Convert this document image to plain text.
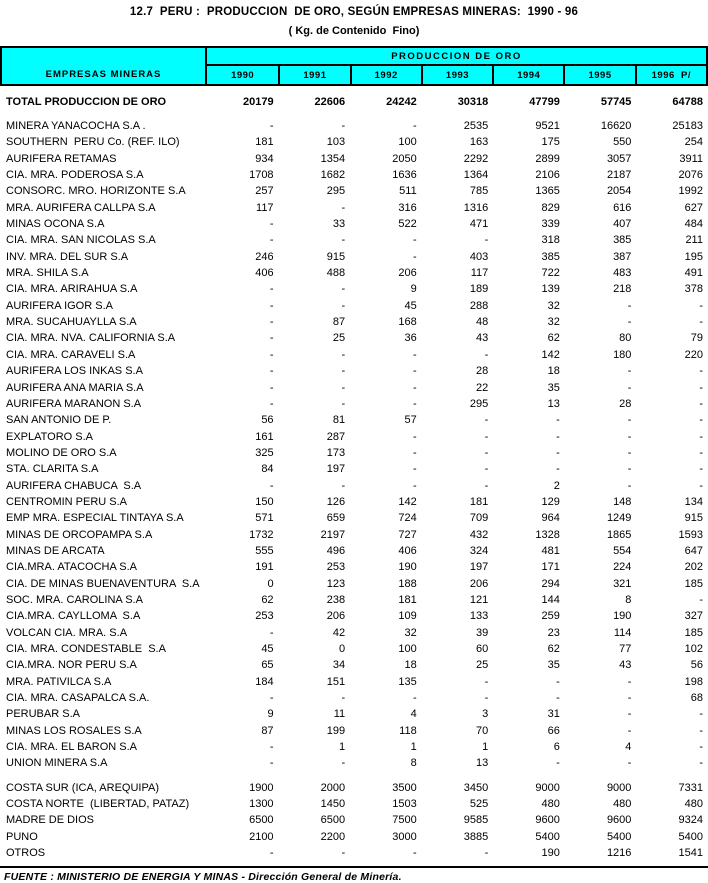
12.7  PERU :  PRODUCCION  DE ORO, SEGÚN EMPRESAS MINERAS:  1990 - 96
( Kg. de Contenido  Fino)
EMPRESAS MINERAS
PRODUCCION DE ORO
1990	1991	1992	1993	1994	1995	1996  P/
TOTAL PRODUCCION DE ORO	20179	22606	24242	30318	47799	57745	64788
MINERA YANACOCHA S.A .	-	-	-	2535	9521	16620	25183
SOUTHERN  PERU Co. (REF. ILO)	181	103	100	163	175	550	254
AURIFERA RETAMAS	934	1354	2050	2292	2899	3057	3911
CIA. MRA. PODEROSA S.A	1708	1682	1636	1364	2106	2187	2076
CONSORC. MRO. HORIZONTE S.A	257	295	511	785	1365	2054	1992
MRA. AURIFERA CALLPA S.A	117	-	316	1316	829	616	627
MINAS OCONA S.A	-	33	522	471	339	407	484
CIA. MRA. SAN NICOLAS S.A	-	-	-	-	318	385	211
INV. MRA. DEL SUR S.A	246	915	-	403	385	387	195
MRA. SHILA S.A	406	488	206	117	722	483	491
CIA. MRA. ARIRAHUA S.A	-	-	9	189	139	218	378
AURIFERA IGOR S.A	-	-	45	288	32	-	-
MRA. SUCAHUAYLLA S.A	-	87	168	48	32	-	-
CIA. MRA. NVA. CALIFORNIA S.A	-	25	36	43	62	80	79
CIA. MRA. CARAVELI S.A	-	-	-	-	142	180	220
AURIFERA LOS INKAS S.A	-	-	-	28	18	-	-
AURIFERA ANA MARIA S.A	-	-	-	22	35	-	-
AURIFERA MARANON S.A	-	-	-	295	13	28	-
SAN ANTONIO DE P.	56	81	57	-	-	-	-
EXPLATORO S.A	161	287	-	-	-	-	-
MOLINO DE ORO S.A	325	173	-	-	-	-	-
STA. CLARITA S.A	84	197	-	-	-	-	-
AURIFERA CHABUCA  S.A	-	-	-	-	2	-	-
CENTROMIN PERU S.A	150	126	142	181	129	148	134
EMP MRA. ESPECIAL TINTAYA S.A	571	659	724	709	964	1249	915
MINAS DE ORCOPAMPA S.A	1732	2197	727	432	1328	1865	1593
MINAS DE ARCATA	555	496	406	324	481	554	647
CIA.MRA. ATACOCHA S.A	191	253	190	197	171	224	202
CIA. DE MINAS BUENAVENTURA  S.A	0	123	188	206	294	321	185
SOC. MRA. CAROLINA S.A	62	238	181	121	144	8	-
CIA.MRA. CAYLLOMA  S.A	253	206	109	133	259	190	327
VOLCAN CIA. MRA. S.A	-	42	32	39	23	114	185
CIA. MRA. CONDESTABLE  S.A	45	0	100	60	62	77	102
CIA.MRA. NOR PERU S.A	65	34	18	25	35	43	56
MRA. PATIVILCA S.A	184	151	135	-	-	-	198
CIA. MRA. CASAPALCA S.A.	-	-	-	-	-	-	68
PERUBAR S.A	9	11	4	3	31	-	-
MINAS LOS ROSALES S.A	87	199	118	70	66	-	-
CIA. MRA. EL BARON S.A	-	1	1	1	6	4	-
UNION MINERA S.A	-	-	8	13	-	-	-
COSTA SUR (ICA, AREQUIPA)	1900	2000	3500	3450	9000	9000	7331
COSTA NORTE  (LIBERTAD, PATAZ)	1300	1450	1503	525	480	480	480
MADRE DE DIOS	6500	6500	7500	9585	9600	9600	9324
PUNO	2100	2200	3000	3885	5400	5400	5400
OTROS	-	-	-	-	190	1216	1541
FUENTE : MINISTERIO DE ENERGIA Y MINAS - Dirección General de Minería.
